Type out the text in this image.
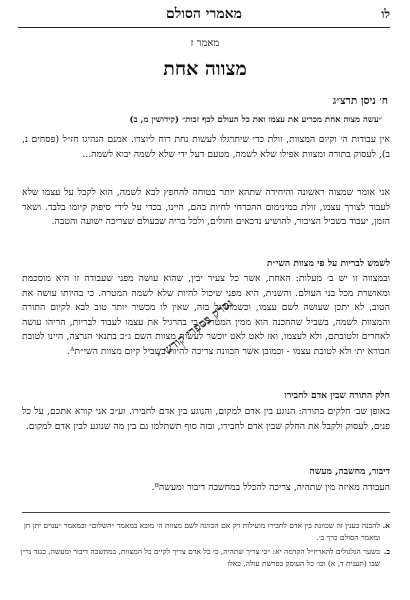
מאמרי הסולם	לו
מאמר ז
מצווה אחת
ח׳ ניסן תרצ״ג
״עשה מצוה אחת מכריע את עצמו ואת כל העולם לכף זכות״ (קידושין מ, ב)
אין עבודות ה׳ וקיום המצוות, זולת כדי שיתרגלו לעשות נחת רוח ליוצרו. אמנם הנהיגו חז״ל (פסחים נ, ב), לעסוק בתורה ומצוות אפילו שלא לשמה, מטעם דעל ידי שלא לשמה יבוא לשמה...
אני אומר שמצוה ראשונה והיחידה שתהא יותר בטוחה להחפץ לבא לשמה, הוא לקבל על עצמו שלא לעבוד לצורך עצמו, זולת במינימום ההכרחי לחיות בהם, היינו, בכדי על לידי סיפוק קיומו בלבד. ושאר הזמן, יעבוד בשביל הציבור, להושיע נדכאים וחולים, ולכל בריה שבעולם שצריכה ישועה והטבה.
לשמש לבריות על פי מצוות השי״ת
ובמצווה זו יש ב׳ מעלות: האחת, אשר כל צעיר יבין, שהוא עושה מפני שעבודה זו היא מוסכמת ומאושרת מכל בני העולם. והשנית, היא מפני שיכול להיות שלא לשמה המטרה. כי בהיותו עושה את הטוב, לא יתכן שעושה לשם עצמו, וכשמתרגל בזה, שאין לו מכשיר יותר טוב לבא לקיום התורה והמצוות לשמה, בשביל שההכנה הוא ממין המטרה. כי בהרגיל את עצמו לעבוד לבריות, הריהו עושה לאחרים ולטובתם, ולא לעצמו, ואז לאט לאט יוכשר לעשות מצוות השם ג״כ בתנאי הנרצה, היינו לטובת הבורא ית׳ ולא לטובת עצמו - וכמובן אשר הכוונה צריכה להיות בשביל קיום מצוות השי״תᴬ.
חלק התורה שבין אדם לחבירו
באופן שב׳ חלקים בתורה: הנוגע בין אדם למקום, והנוגע בין אדם לחבירו. וע״כ אני קורא אתכם, על כל פנים, לעסוק ולקבל את החלק שבין אדם לחבירו, ובזה סוף תשתלמו גם בין מה שנוגע לבין אדם למקום.
דיבור, מחשבה, מעשה
העבודה מאיזה מין שתהיה, צריכה להכלל במחשבה דיבור ומעשהᴮ.
א.
להבנה בענין זה שכוונת בין אדם לחבירו מועילות רק אם הכוונה לשם מצוות ה׳ מובא במאמר ״השלום״ ובמאמר ״ענוים יתן חן ומאמר הסולם כרך ב׳.
ב.
בשער הגלגולים להאריז״ל הקדמה יא: ״כי צריך שתהיה, כי כל אדם צריך לקיים כל המצוות, במחשבה דיבור ומעשה, כנגד נר״ן שבו (תענית ד, א) וכו׳ כל העוסק בפרשת עולה, כאלו
נסרק בספרי קודש ״
